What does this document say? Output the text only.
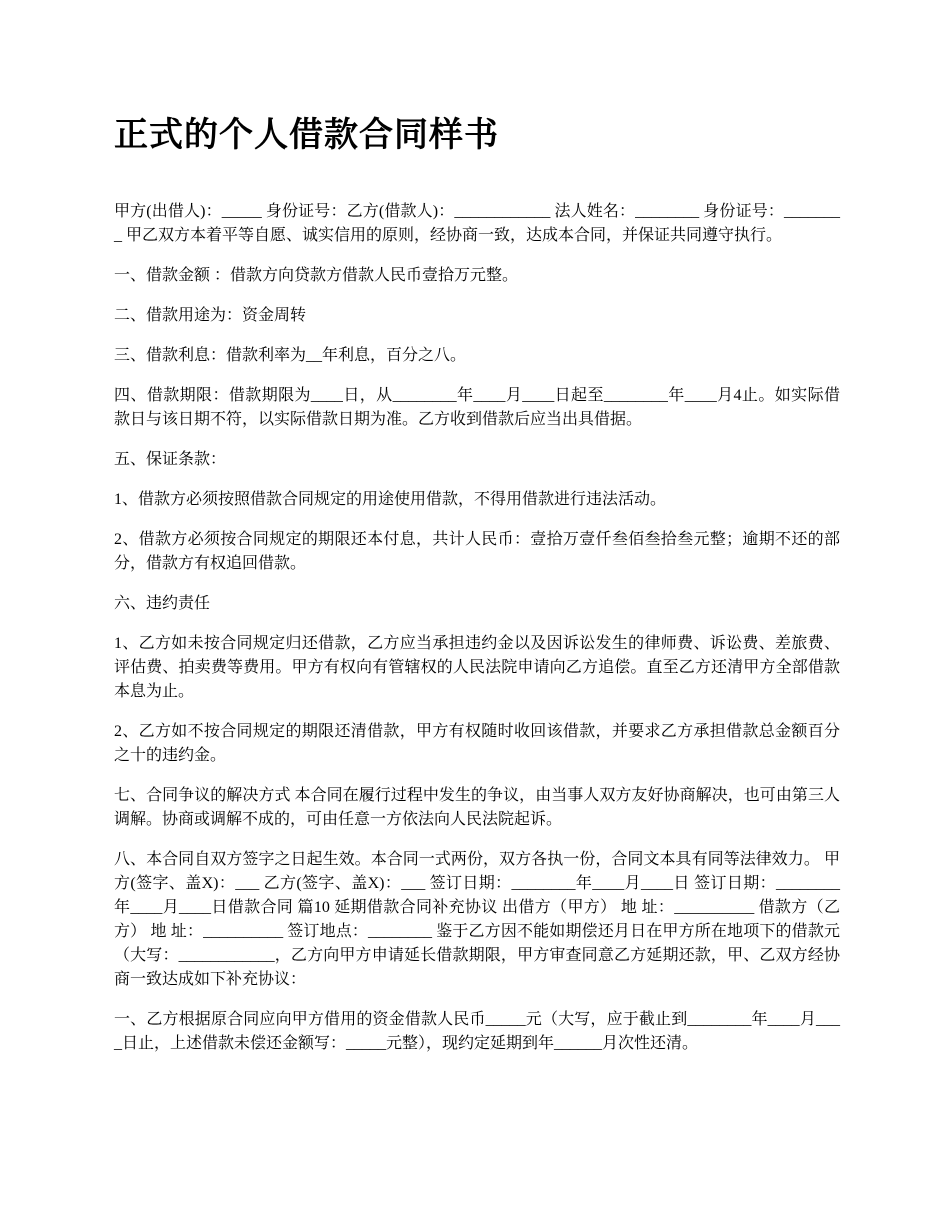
正式的个人借款合同样书

甲方(出借人)：_____ 身份证号：乙方(借款人)：____________ 法人姓名：________ 身份证号：________ 甲乙双方本着平等自愿、诚实信用的原则，经协商一致，达成本合同，并保证共同遵守执行。

一、借款金额 ：借款方向贷款方借款人民币壹拾万元整。

二、借款用途为：资金周转

三、借款利息：借款利率为__年利息，百分之八。

四、借款期限：借款期限为____日，从________年____月____日起至________年____月4止。如实际借款日与该日期不符，以实际借款日期为准。乙方收到借款后应当出具借据。

五、保证条款：

1、借款方必须按照借款合同规定的用途使用借款，不得用借款进行违法活动。

2、借款方必须按合同规定的期限还本付息，共计人民币：壹拾万壹仟叁佰叁拾叁元整；逾期不还的部分，借款方有权追回借款。

六、违约责任

1、乙方如未按合同规定归还借款，乙方应当承担违约金以及因诉讼发生的律师费、诉讼费、差旅费、评估费、拍卖费等费用。甲方有权向有管辖权的人民法院申请向乙方追偿。直至乙方还清甲方全部借款本息为止。

2、乙方如不按合同规定的期限还清借款，甲方有权随时收回该借款，并要求乙方承担借款总金额百分之十的违约金。

七、合同争议的解决方式 本合同在履行过程中发生的争议，由当事人双方友好协商解决，也可由第三人调解。协商或调解不成的，可由任意一方依法向人民法院起诉。

八、本合同自双方签字之日起生效。本合同一式两份，双方各执一份，合同文本具有同等法律效力。 甲方(签字、盖X)：___ 乙方(签字、盖X)：___ 签订日期：________年____月____日 签订日期：________年____月____日借款合同 篇10 延期借款合同补充协议 出借方（甲方） 地 址：__________ 借款方（乙方） 地 址：__________ 签订地点：________ 鉴于乙方因不能如期偿还月日在甲方所在地项下的借款元（大写：____________，乙方向甲方申请延长借款期限，甲方审查同意乙方延期还款，甲、乙双方经协商一致达成如下补充协议：

一、乙方根据原合同应向甲方借用的资金借款人民币_____元（大写，应于截止到________年____月____日止，上述借款未偿还金额写：_____元整），现约定延期到年______月次性还清。
